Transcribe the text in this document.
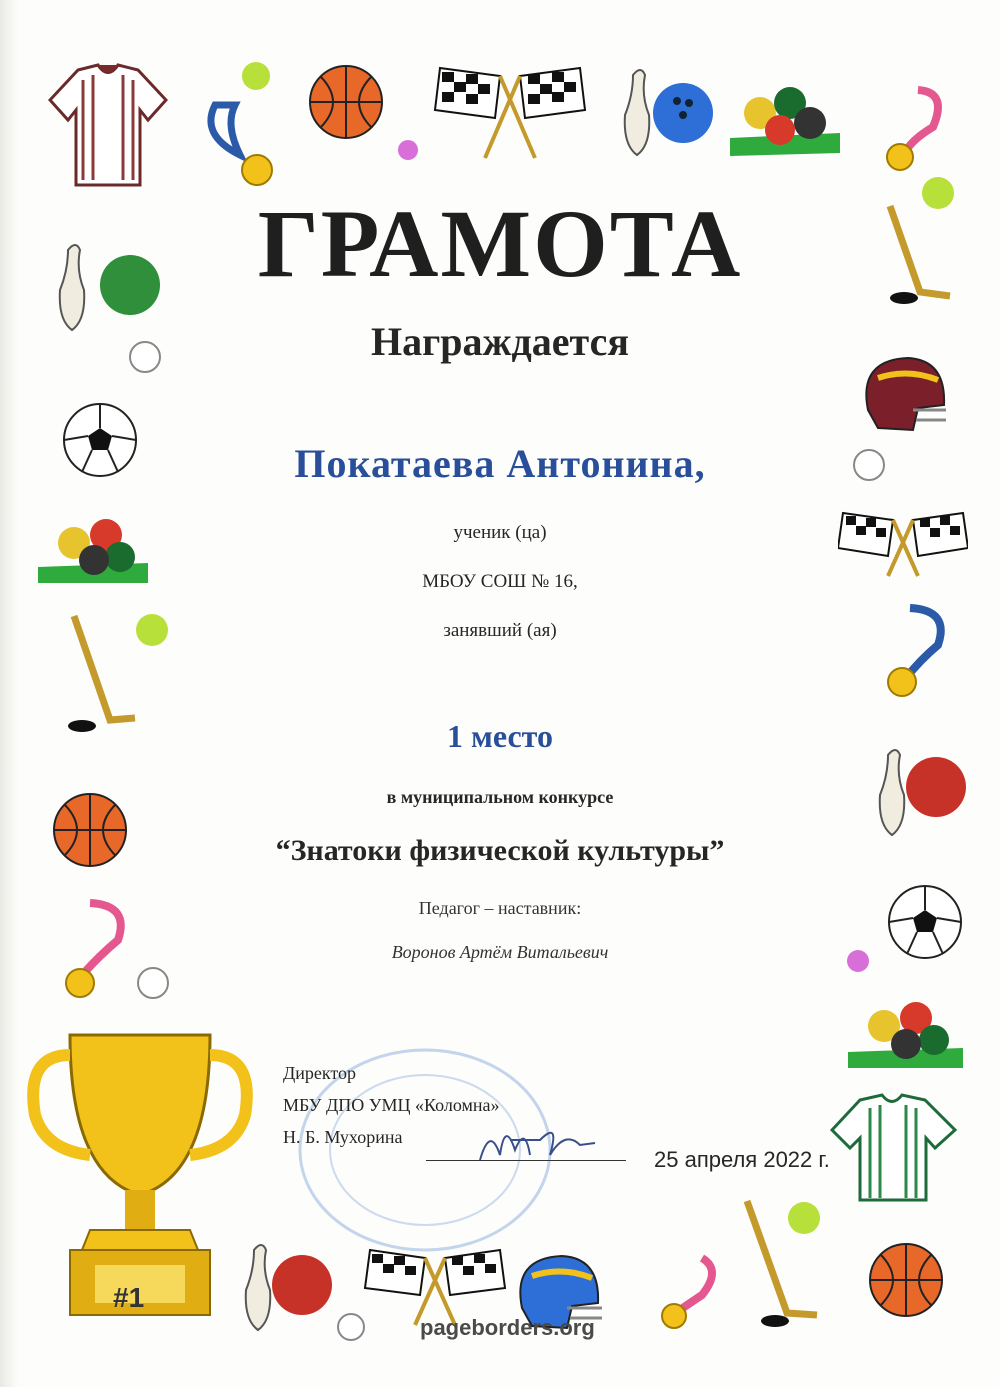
#1
ГРАМОТА
Награждается
Покатаева Антонина,
ученик (ца)
МБОУ СОШ № 16,
занявший (ая)
1 место
в муниципальном конкурсе
“Знатоки физической культуры”
Педагог – наставник:
Воронов Артём Витальевич
Директор
МБУ ДПО УМЦ «Коломна»
Н. Б. Мухорина
25 апреля 2022 г.
pageborders.org
